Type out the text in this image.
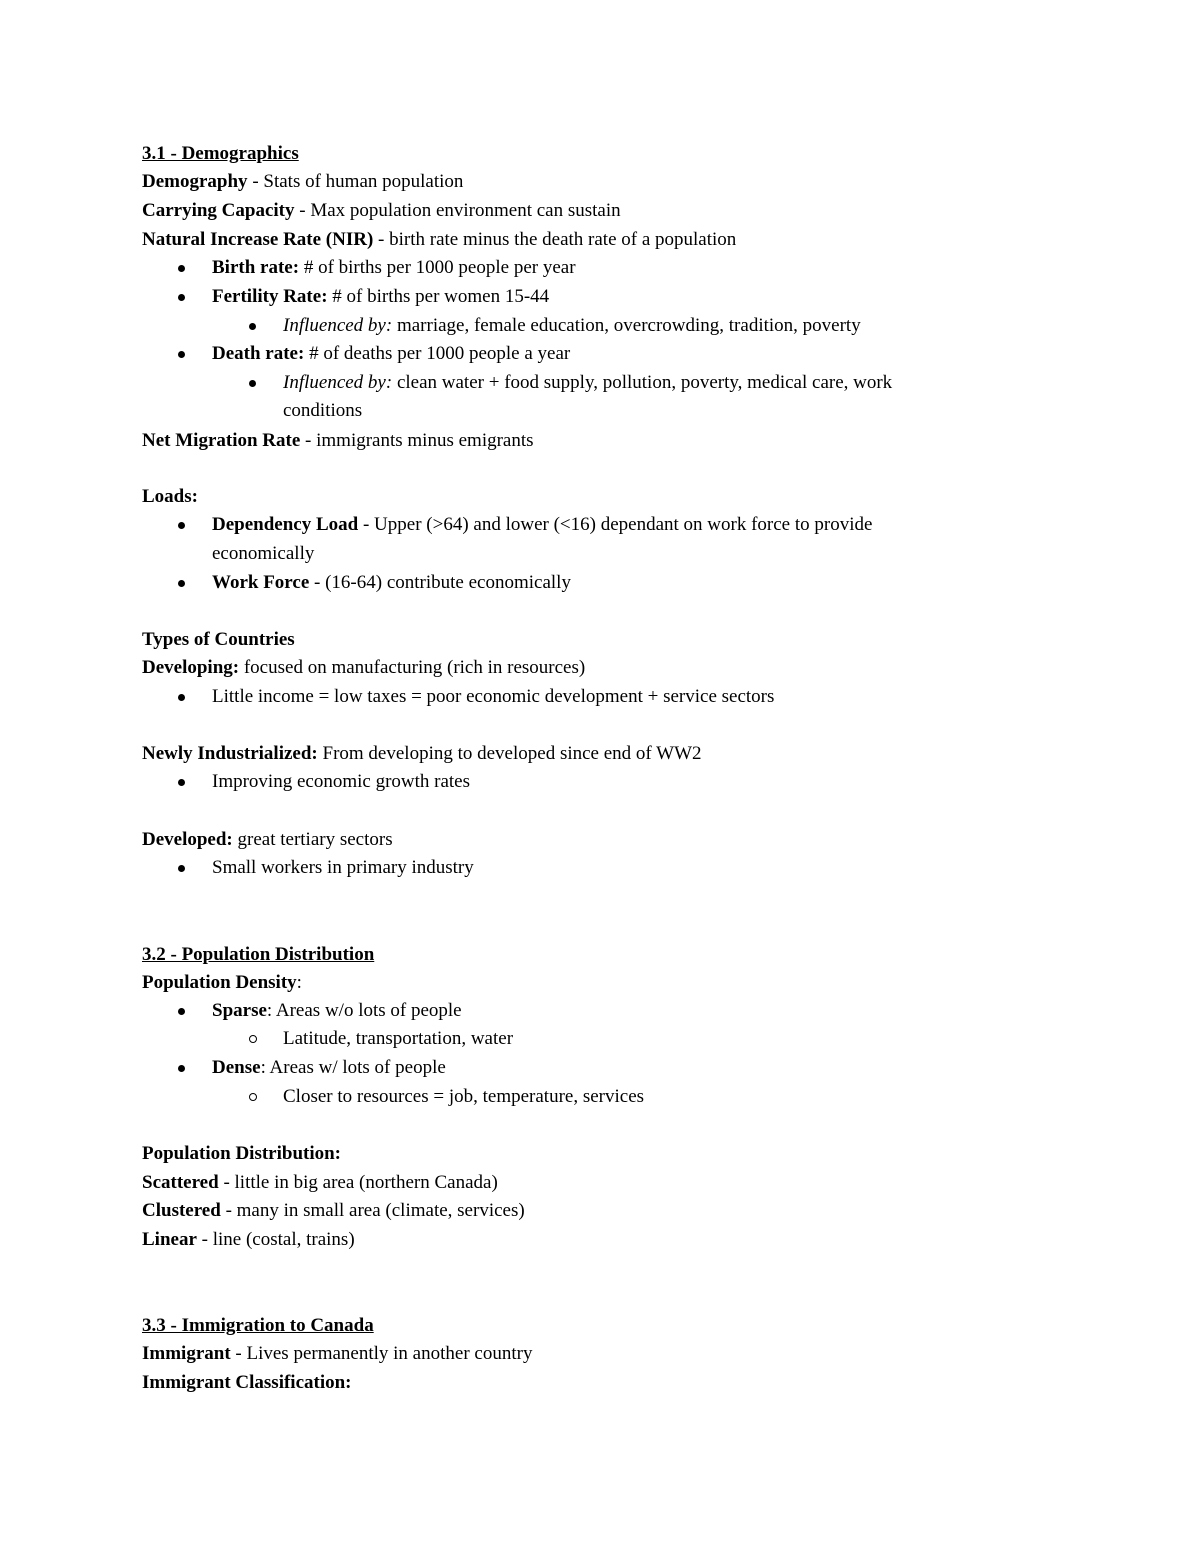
3.1 - Demographics
Demography - Stats of human population
Carrying Capacity - Max population environment can sustain
Natural Increase Rate (NIR) - birth rate minus the death rate of a population
Birth rate: # of births per 1000 people per year
Fertility Rate: # of births per women 15-44
Influenced by: marriage, female education, overcrowding, tradition, poverty
Death rate: # of deaths per 1000 people a year
Influenced by: clean water + food supply, pollution, poverty, medical care, work
conditions
Net Migration Rate - immigrants minus emigrants
Loads:
Dependency Load - Upper (>64) and lower (<16) dependant on work force to provide
economically
Work Force - (16-64) contribute economically
Types of Countries
Developing: focused on manufacturing (rich in resources)
Little income = low taxes = poor economic development + service sectors
Newly Industrialized: From developing to developed since end of WW2
Improving economic growth rates
Developed: great tertiary sectors
Small workers in primary industry
3.2 - Population Distribution
Population Density:
Sparse: Areas w/o lots of people
Latitude, transportation, water
Dense: Areas w/ lots of people
Closer to resources = job, temperature, services
Population Distribution:
Scattered - little in big area (northern Canada)
Clustered - many in small area (climate, services)
Linear - line (costal, trains)
3.3 - Immigration to Canada
Immigrant - Lives permanently in another country
Immigrant Classification:
